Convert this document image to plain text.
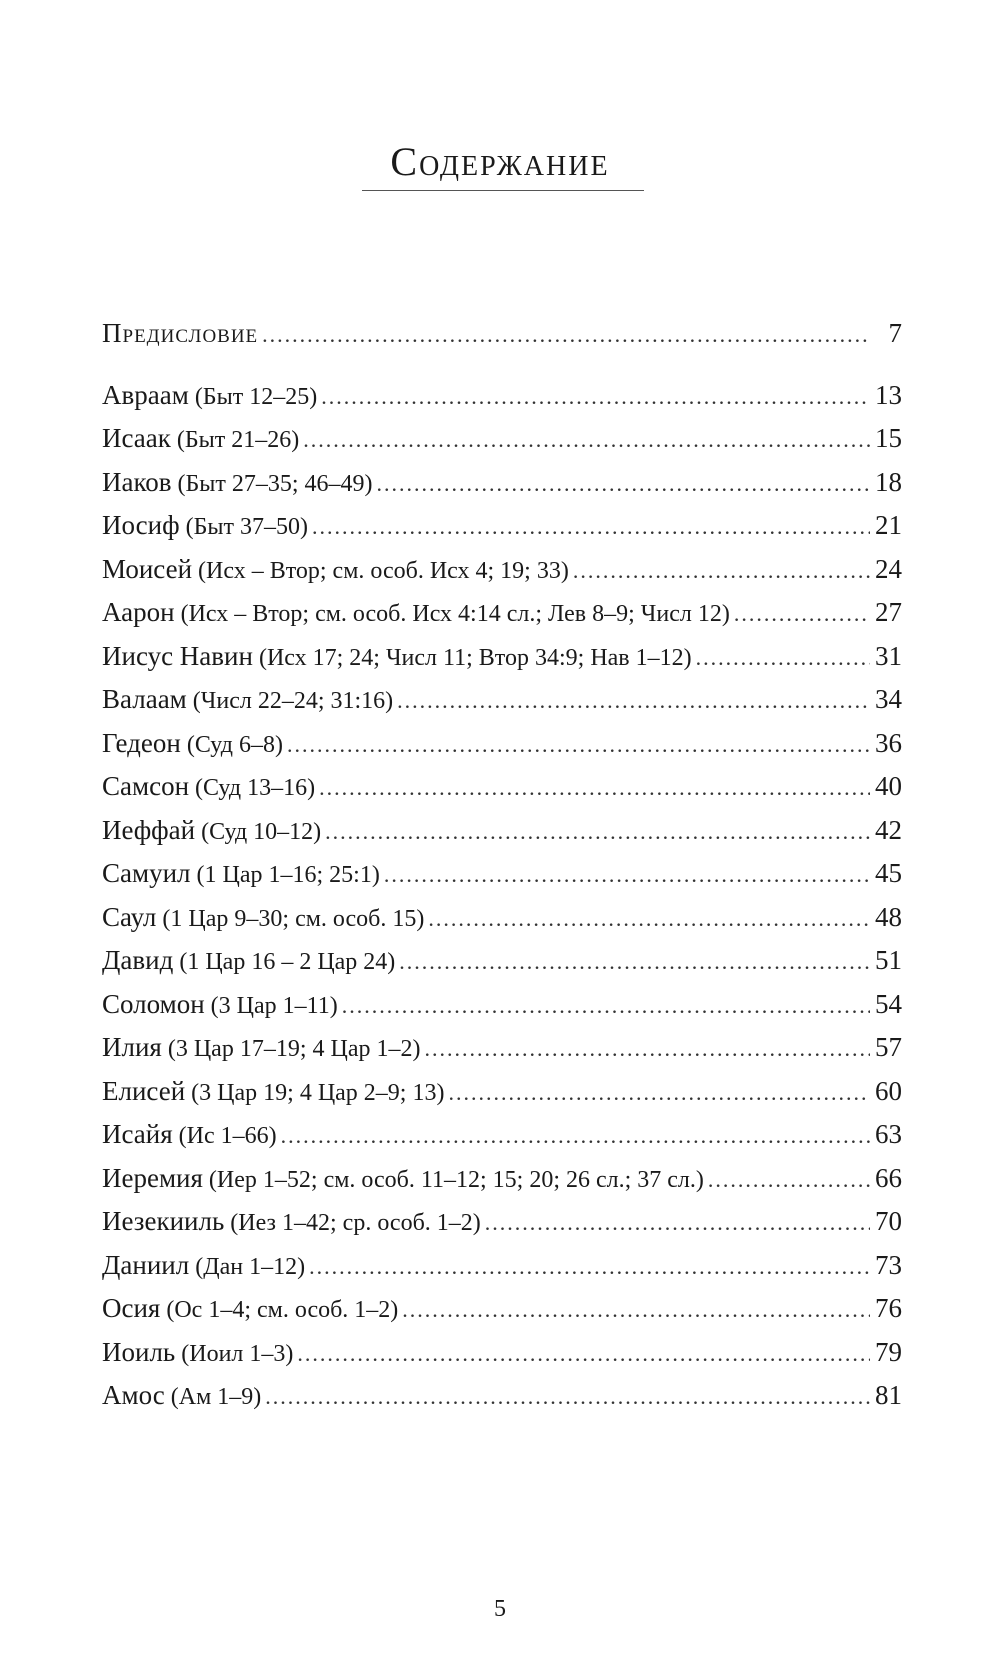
Содержание
Предисловие .....	7
Авраам (Быт 12–25) .....	13
Исаак (Быт 21–26) .....	15
Иаков (Быт 27–35; 46–49) .....	18
Иосиф (Быт 37–50) .....	21
Моисей (Исх – Втор; см. особ. Исх 4; 19; 33) .....	24
Аарон (Исх – Втор; см. особ. Исх 4:14 сл.; Лев 8–9; Числ 12) .....	27
Иисус Навин (Исх 17; 24; Числ 11; Втор 34:9; Нав 1–12) .....	31
Валаам (Числ 22–24; 31:16) .....	34
Гедеон (Суд 6–8) .....	36
Самсон (Суд 13–16) .....	40
Иеффай (Суд 10–12) .....	42
Самуил (1 Цар 1–16; 25:1) .....	45
Саул (1 Цар 9–30; см. особ. 15) .....	48
Давид (1 Цар 16 – 2 Цар 24) .....	51
Соломон (3 Цар 1–11) .....	54
Илия (3 Цар 17–19; 4 Цар 1–2) .....	57
Елисей (3 Цар 19; 4 Цар 2–9; 13) .....	60
Исайя (Ис 1–66) .....	63
Иеремия (Иер 1–52; см. особ. 11–12; 15; 20; 26 сл.; 37 сл.) .....	66
Иезекииль (Иез 1–42; ср. особ. 1–2) .....	70
Даниил (Дан 1–12) .....	73
Осия (Ос 1–4; см. особ. 1–2) .....	76
Иоиль (Иоил 1–3) .....	79
Амос (Ам 1–9) .....	81
5
